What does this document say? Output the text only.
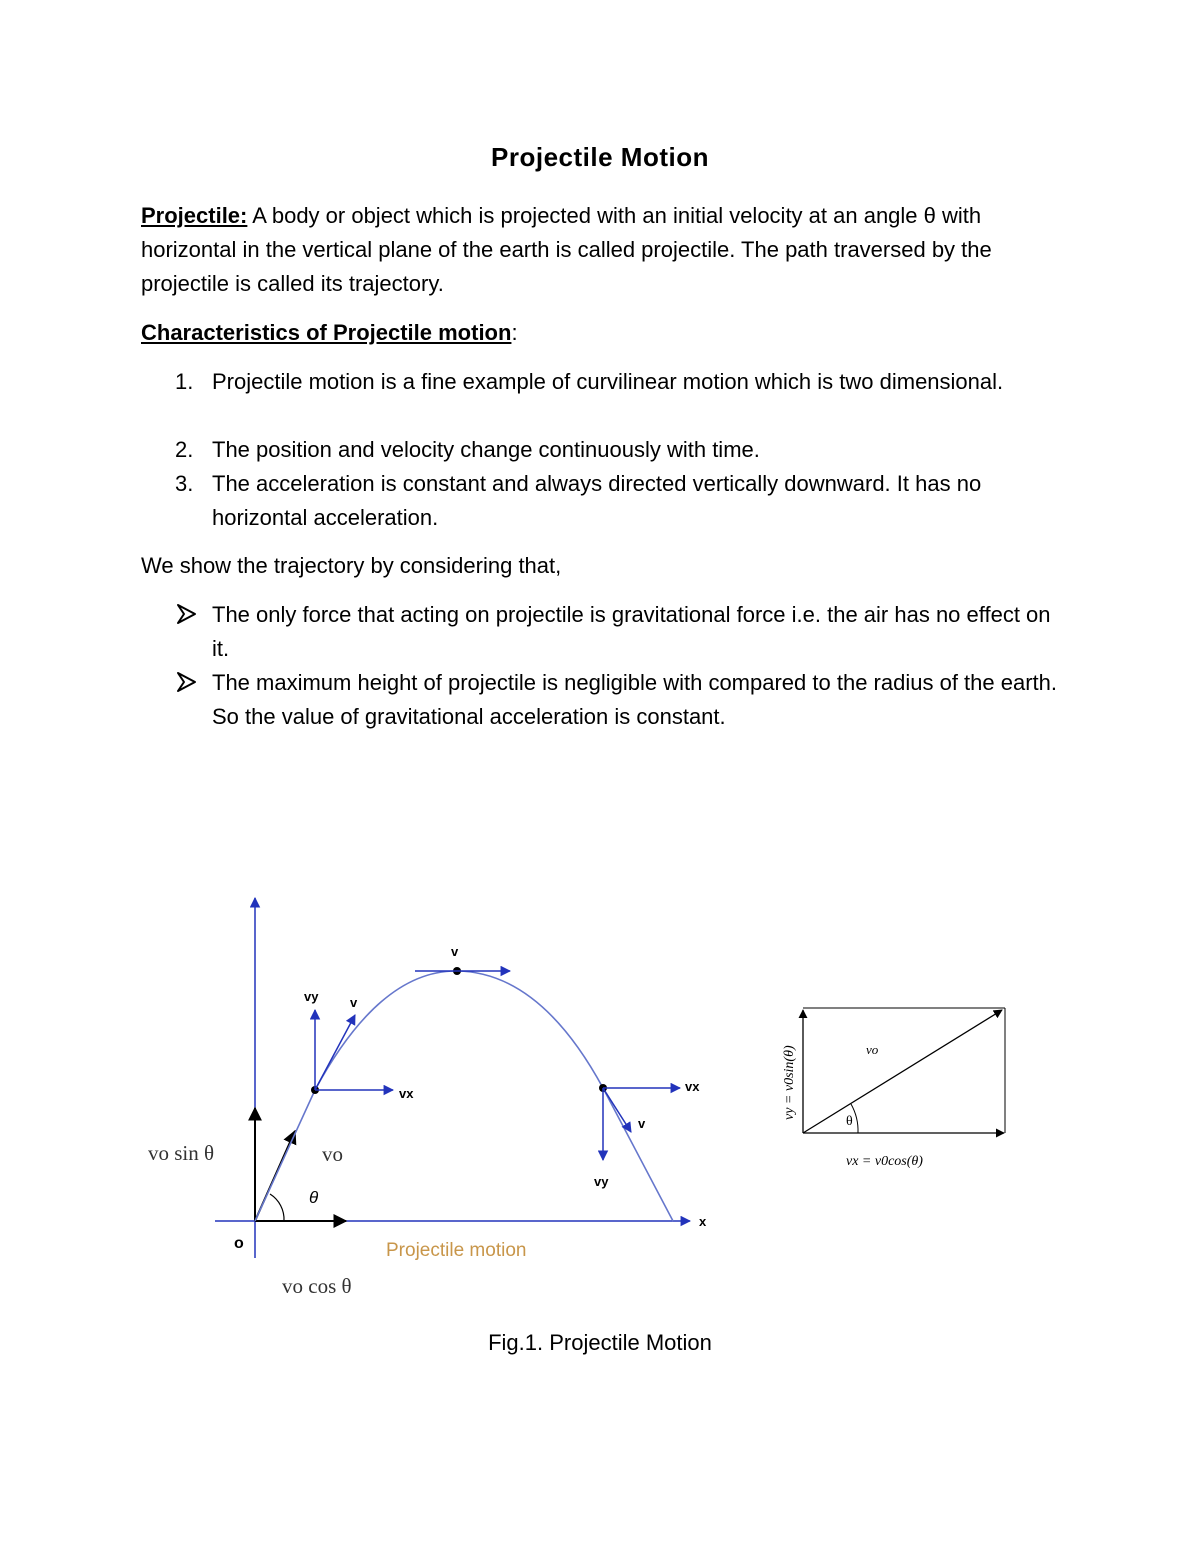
Projectile Motion
Projectile: A body or object which is projected with an initial velocity at an angle θ with horizontal in the vertical plane of the earth is called projectile. The path traversed by the projectile is called its trajectory.
Characteristics of Projectile motion:
1. Projectile motion is a fine example of curvilinear motion which is two dimensional.
2. The position and velocity change continuously with time.
3. The acceleration is constant and always directed vertically downward. It has no horizontal acceleration.
We show the trajectory by considering that,
The only force that acting on projectile is gravitational force i.e. the air has no effect on it.
The maximum height of projectile is negligible with compared to the radius of the earth. So the value of gravitational acceleration is constant.
v
vy v
vx	vx
v
vy
vo sin θ	vo
θ
o
x
Projectile motion
vo cos θ
vy = v0sin(θ)	vo
θ
vx = v0cos(θ)
Fig.1. Projectile Motion
